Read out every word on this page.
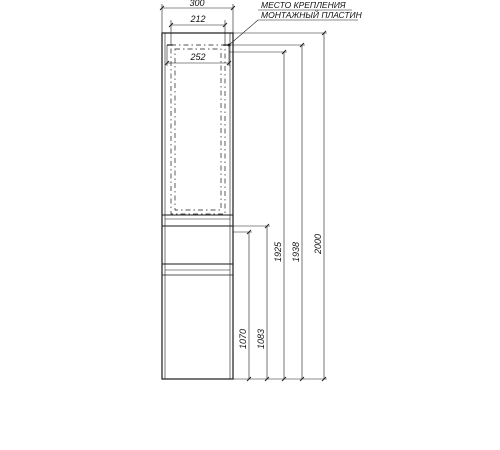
300
212
252
МЕСТО КРЕПЛЕНИЯ
МОНТАЖНЫЙ ПЛАСТИН
2000
1938
1925
1083
1070
